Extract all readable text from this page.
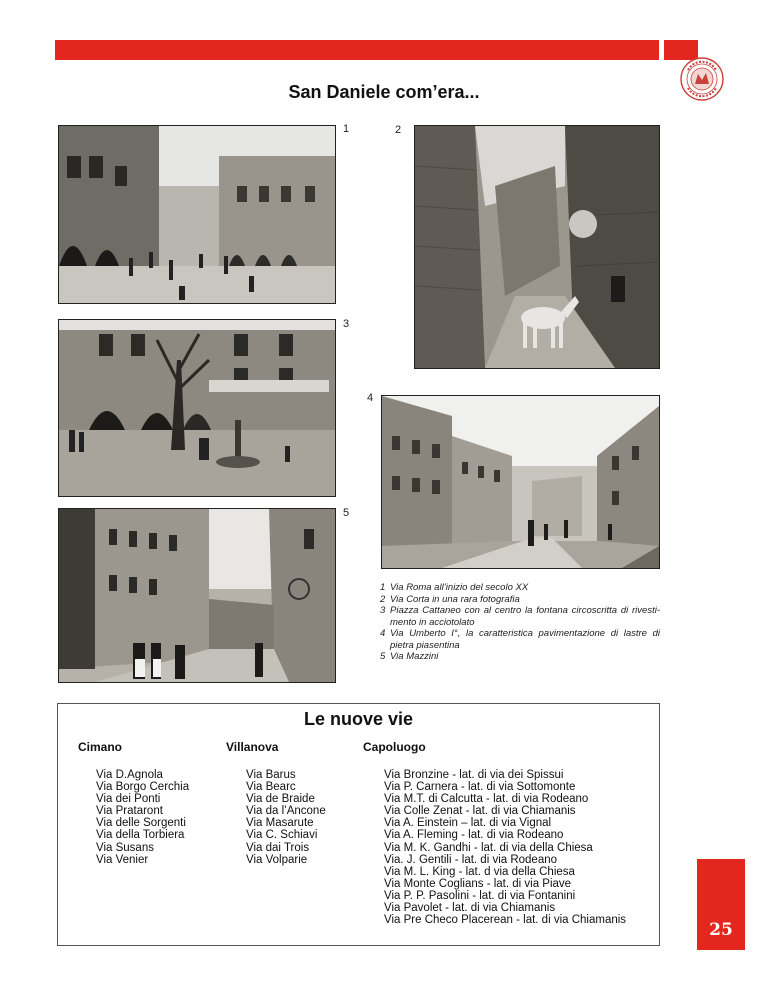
San Daniele com’era...
1	2
3
4
5
1 Via Roma all’inizio del secolo XX
2 Via Corta in una rara fotografia
3 Piazza Cattaneo con al centro la fontana circoscritta di rivesti-mento in acciotolato
4 Via Umberto I°, la caratteristica pavimentazione di lastre di pietra piasentina
5 Via Mazzini
Le nuove vie
Cimano	Villanova	Capoluogo
Via D.Agnola
Via Borgo Cerchia
Via dei Ponti
Via Prataront
Via delle Sorgenti
Via della Torbiera
Via Susans
Via Venier
Via Barus
Via Bearc
Via de Braide
Via da l’Ancone
Via Masarute
Via C. Schiavi
Via dai Trois
Via Volparie
Via Bronzine - lat. di via dei Spissui
Via P. Carnera - lat. di via Sottomonte
Via M.T. di Calcutta - lat. di via Rodeano
Via Colle Zenat - lat. di via Chiamanis
Via A. Einstein – lat. di via Vignal
Via A. Fleming - lat. di via Rodeano
Via M. K. Gandhi - lat. di via della Chiesa
Via. J. Gentili - lat. di via Rodeano
Via M. L. King - lat. d via della Chiesa
Via Monte Coglians - lat. di via Piave
Via P. P. Pasolini - lat. di via Fontanini
Via Pavolet - lat. di via Chiamanis
Via Pre Checo Placerean - lat. di via Chiamanis	25
